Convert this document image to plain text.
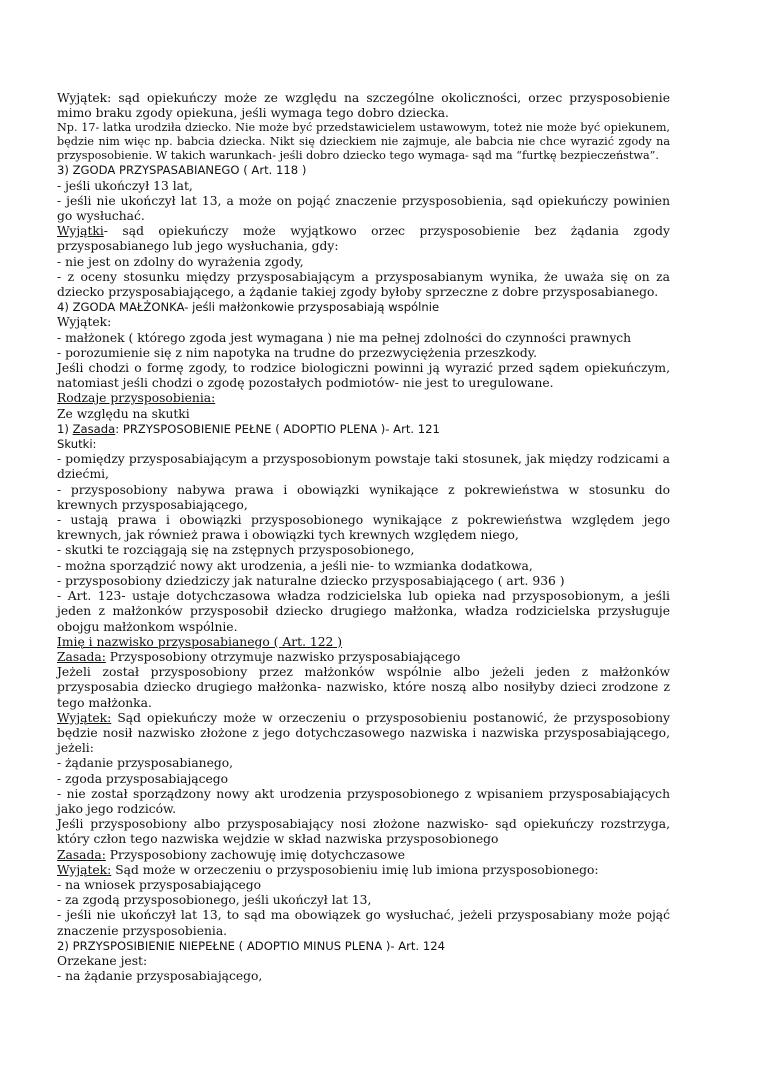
Wyjątek: sąd opiekuńczy może ze względu na szczególne okoliczności, orzec przysposobienie mimo braku zgody opiekuna, jeśli wymaga tego dobro dziecka.

Np. 17- latka urodziła dziecko. Nie może być przedstawicielem ustawowym, toteż nie może być opiekunem, będzie nim więc np. babcia dziecka. Nikt się dzieckiem nie zajmuje, ale babcia nie chce wyrazić zgody na przysposobienie. W takich warunkach- jeśli dobro dziecko tego wymaga- sąd ma “furtkę bezpieczeństwa”.

3) ZGODA PRZYSPASABIANEGO ( Art. 118 )

- jeśli ukończył 13 lat,

- jeśli nie ukończył lat 13, a może on pojąć znaczenie przysposobienia, sąd opiekuńczy powinien go wysłuchać.

Wyjątki- sąd opiekuńczy może wyjątkowo orzec przysposobienie bez żądania zgody przysposabianego lub jego wysłuchania, gdy:

- nie jest on zdolny do wyrażenia zgody,

- z oceny stosunku między przysposabiającym a przysposabianym wynika, że uważa się on za dziecko przysposabiającego, a żądanie takiej zgody byłoby sprzeczne z dobre przysposabianego.

4) ZGODA MAŁŻONKA- jeśli małżonkowie przysposabiają wspólnie

Wyjątek:

- małżonek ( którego zgoda jest wymagana ) nie ma pełnej zdolności do czynności prawnych

- porozumienie się z nim napotyka na trudne do przezwyciężenia przeszkody.

Jeśli chodzi o formę zgody, to rodzice biologiczni powinni ją wyrazić przed sądem opiekuńczym, natomiast jeśli chodzi o zgodę pozostałych podmiotów- nie jest to uregulowane.

Rodzaje przysposobienia:

Ze względu na skutki

1) Zasada: PRZYSPOSOBIENIE PEŁNE ( ADOPTIO PLENA )- Art. 121

Skutki:

- pomiędzy przysposabiającym a przysposobionym powstaje taki stosunek, jak między rodzicami a dziećmi,

- przysposobiony nabywa prawa i obowiązki wynikające z pokrewieństwa w stosunku do krewnych przysposabiającego,

- ustają prawa i obowiązki przysposobionego wynikające z pokrewieństwa względem jego krewnych, jak również prawa i obowiązki tych krewnych względem niego,

- skutki te rozciągają się na zstępnych przysposobionego,

- można sporządzić nowy akt urodzenia, a jeśli nie- to wzmianka dodatkowa,

- przysposobiony dziedziczy jak naturalne dziecko przysposabiającego ( art. 936 )

- Art. 123- ustaje dotychczasowa władza rodzicielska lub opieka nad przysposobionym, a jeśli jeden z małżonków przysposobił dziecko drugiego małżonka, władza rodzicielska przysługuje obojgu małżonkom wspólnie.

Imię i nazwisko przysposabianego ( Art. 122 )

Zasada: Przysposobiony otrzymuje nazwisko przysposabiającego

Jeżeli został przysposobiony przez małżonków wspólnie albo jeżeli jeden z małżonków przysposabia dziecko drugiego małżonka- nazwisko, które noszą albo nosiłyby dzieci zrodzone z tego małżonka.

Wyjątek: Sąd opiekuńczy może w orzeczeniu o przysposobieniu postanowić, że przysposobiony będzie nosił nazwisko złożone z jego dotychczasowego nazwiska i nazwiska przysposabiającego, jeżeli:

- żądanie przysposabianego,

- zgoda przysposabiającego

- nie został sporządzony nowy akt urodzenia przysposobionego z wpisaniem przysposabiających jako jego rodziców.

Jeśli przysposobiony albo przysposabiający nosi złożone nazwisko- sąd opiekuńczy rozstrzyga, który człon tego nazwiska wejdzie w skład nazwiska przysposobionego

Zasada: Przysposobiony zachowuję imię dotychczasowe

Wyjątek: Sąd może w orzeczeniu o przysposobieniu imię lub imiona przysposobionego:

- na wniosek przysposabiającego

- za zgodą przysposobionego, jeśli ukończył lat 13,

- jeśli nie ukończył lat 13, to sąd ma obowiązek go wysłuchać, jeżeli przysposabiany może pojąć znaczenie przysposobienia.

2) PRZYSPOSIBIENIE NIEPEŁNE ( ADOPTIO MINUS PLENA )- Art. 124

Orzekane jest:

- na żądanie przysposabiającego,
